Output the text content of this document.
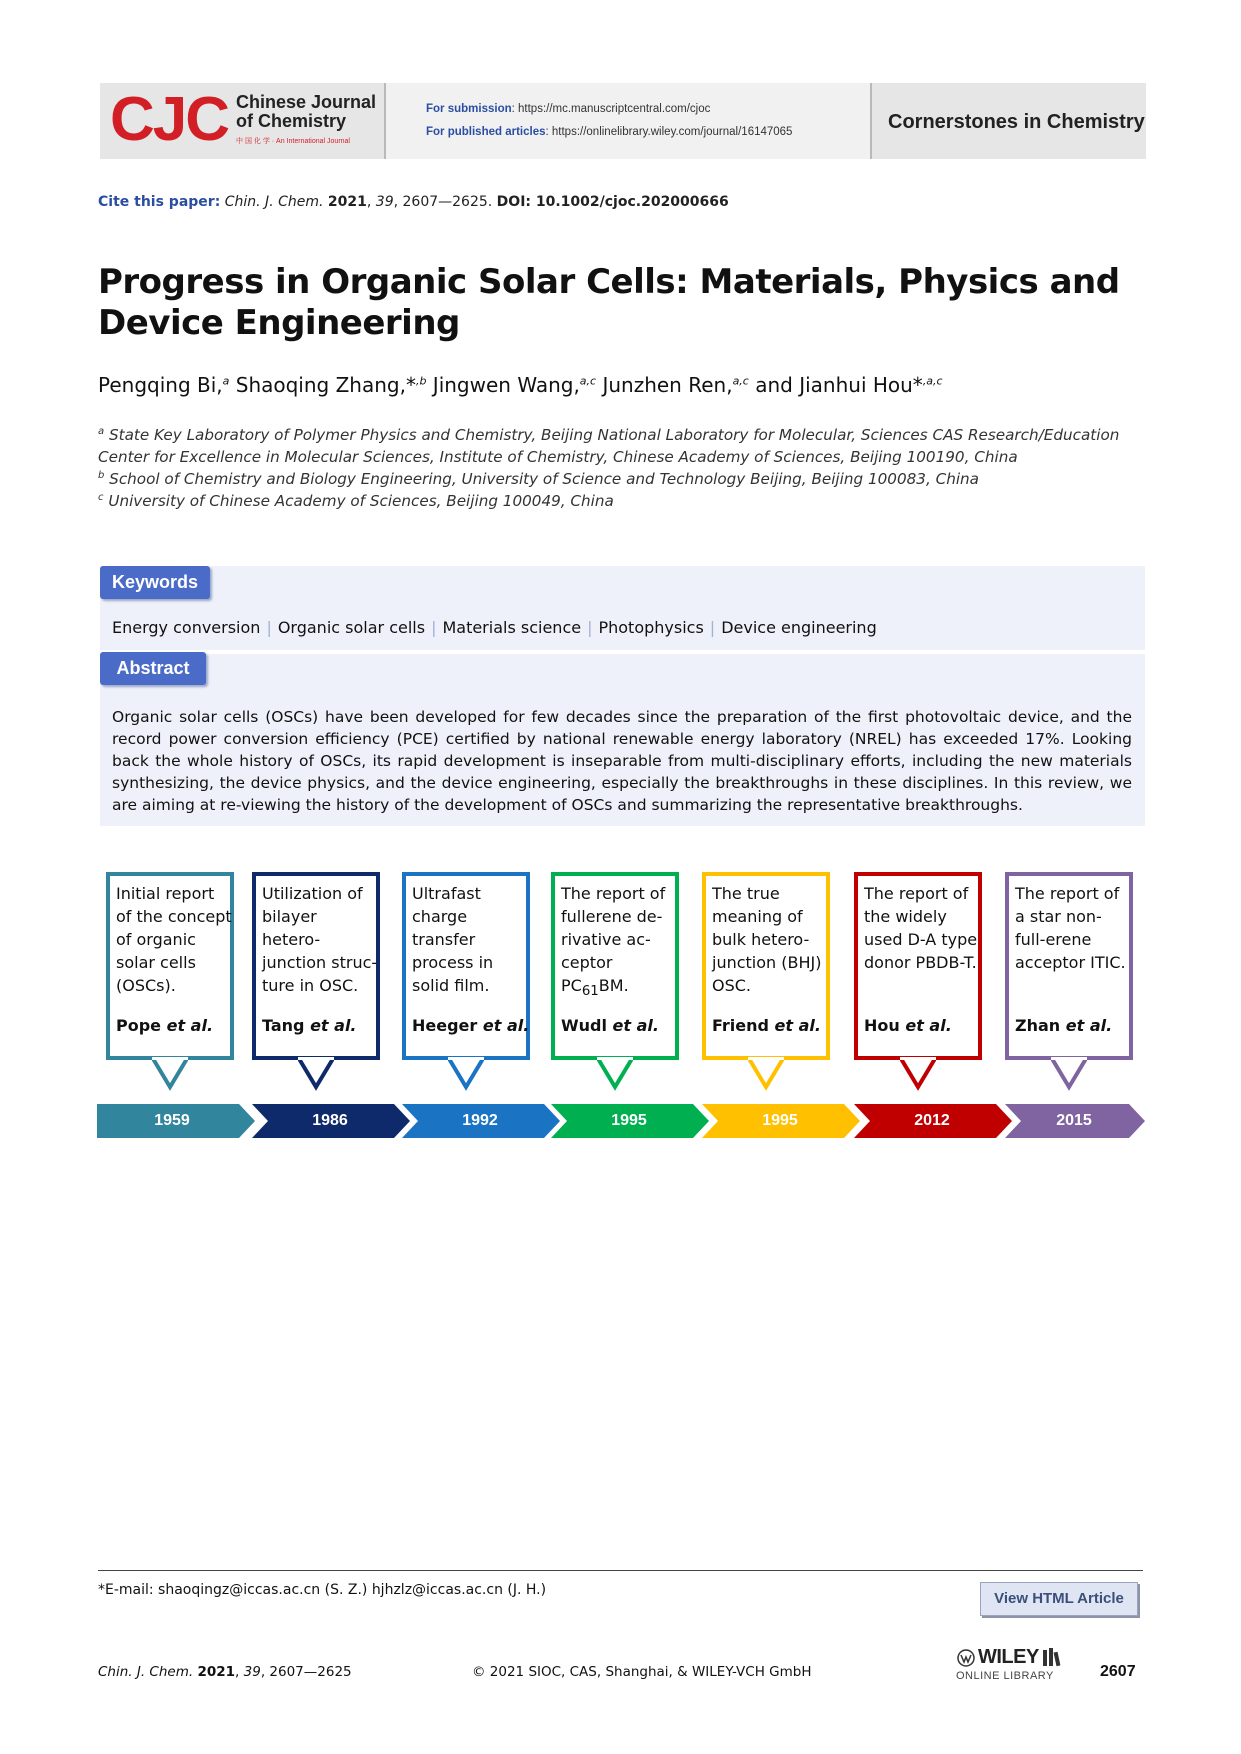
CJC Chinese Journal
of Chemistry
中 国 化 学 · An International Journal
For submission: https://mc.manuscriptcentral.com/cjoc
For published articles: https://onlinelibrary.wiley.com/journal/16147065	Cornerstones in Chemistry
Cite this paper: Chin. J. Chem. 2021, 39, 2607—2625. DOI: 10.1002/cjoc.202000666
Progress in Organic Solar Cells: Materials, Physics and Device Engineering
Pengqing Bi,$^a$ Shaoqing Zhang,*$^{,b}$ Jingwen Wang,$^{a,c}$ Junzhen Ren,$^{a,c}$ and Jianhui Hou*$^{,a,c}$
$^a$ State Key Laboratory of Polymer Physics and Chemistry, Beijing National Laboratory for Molecular, Sciences CAS Research/Education Center for Excellence in Molecular Sciences, Institute of Chemistry, Chinese Academy of Sciences, Beijing 100190, China
$^b$ School of Chemistry and Biology Engineering, University of Science and Technology Beijing, Beijing 100083, China
$^c$ University of Chinese Academy of Sciences, Beijing 100049, China
Keywords
Energy conversion | Organic solar cells | Materials science | Photophysics | Device engineering
Abstract
Organic solar cells (OSCs) have been developed for few decades since the preparation of the first photovoltaic device, and the record power conversion efficiency (PCE) certified by national renewable energy laboratory (NREL) has exceeded 17%. Looking back the whole history of OSCs, its rapid development is inseparable from multi-disciplinary efforts, including the new materials synthesizing, the device physics, and the device engineering, especially the breakthroughs in these disciplines. In this review, we are aiming at re-viewing the history of the development of OSCs and summarizing the representative breakthroughs.
Initial report of the concept of organic solar cells (OSCs).
Pope et al.
Utilization of bilayer hetero-junction struc-ture in OSC.
Tang et al.
Ultrafast charge transfer process in solid film.
Heeger et al.
The report of fullerene de-rivative ac-ceptor $PC_{61}BM$.
Wudl et al.
The true meaning of bulk hetero-junction (BHJ) OSC.
Friend et al.
The report of the widely used D-A type donor PBDB-T.
Hou et al.
The report of a star non-full-erene acceptor ITIC.
Zhan et al.
1959	1986	1992	1995	1995	2012	2015
*E-mail: shaoqingz@iccas.ac.cn (S. Z.) hjhzlz@iccas.ac.cn (J. H.)	View HTML Article
Chin. J. Chem. 2021, 39, 2607—2625	© 2021 SIOC, CAS, Shanghai, & WILEY-VCH GmbH
WILEY
ONLINE LIBRARY	2607
